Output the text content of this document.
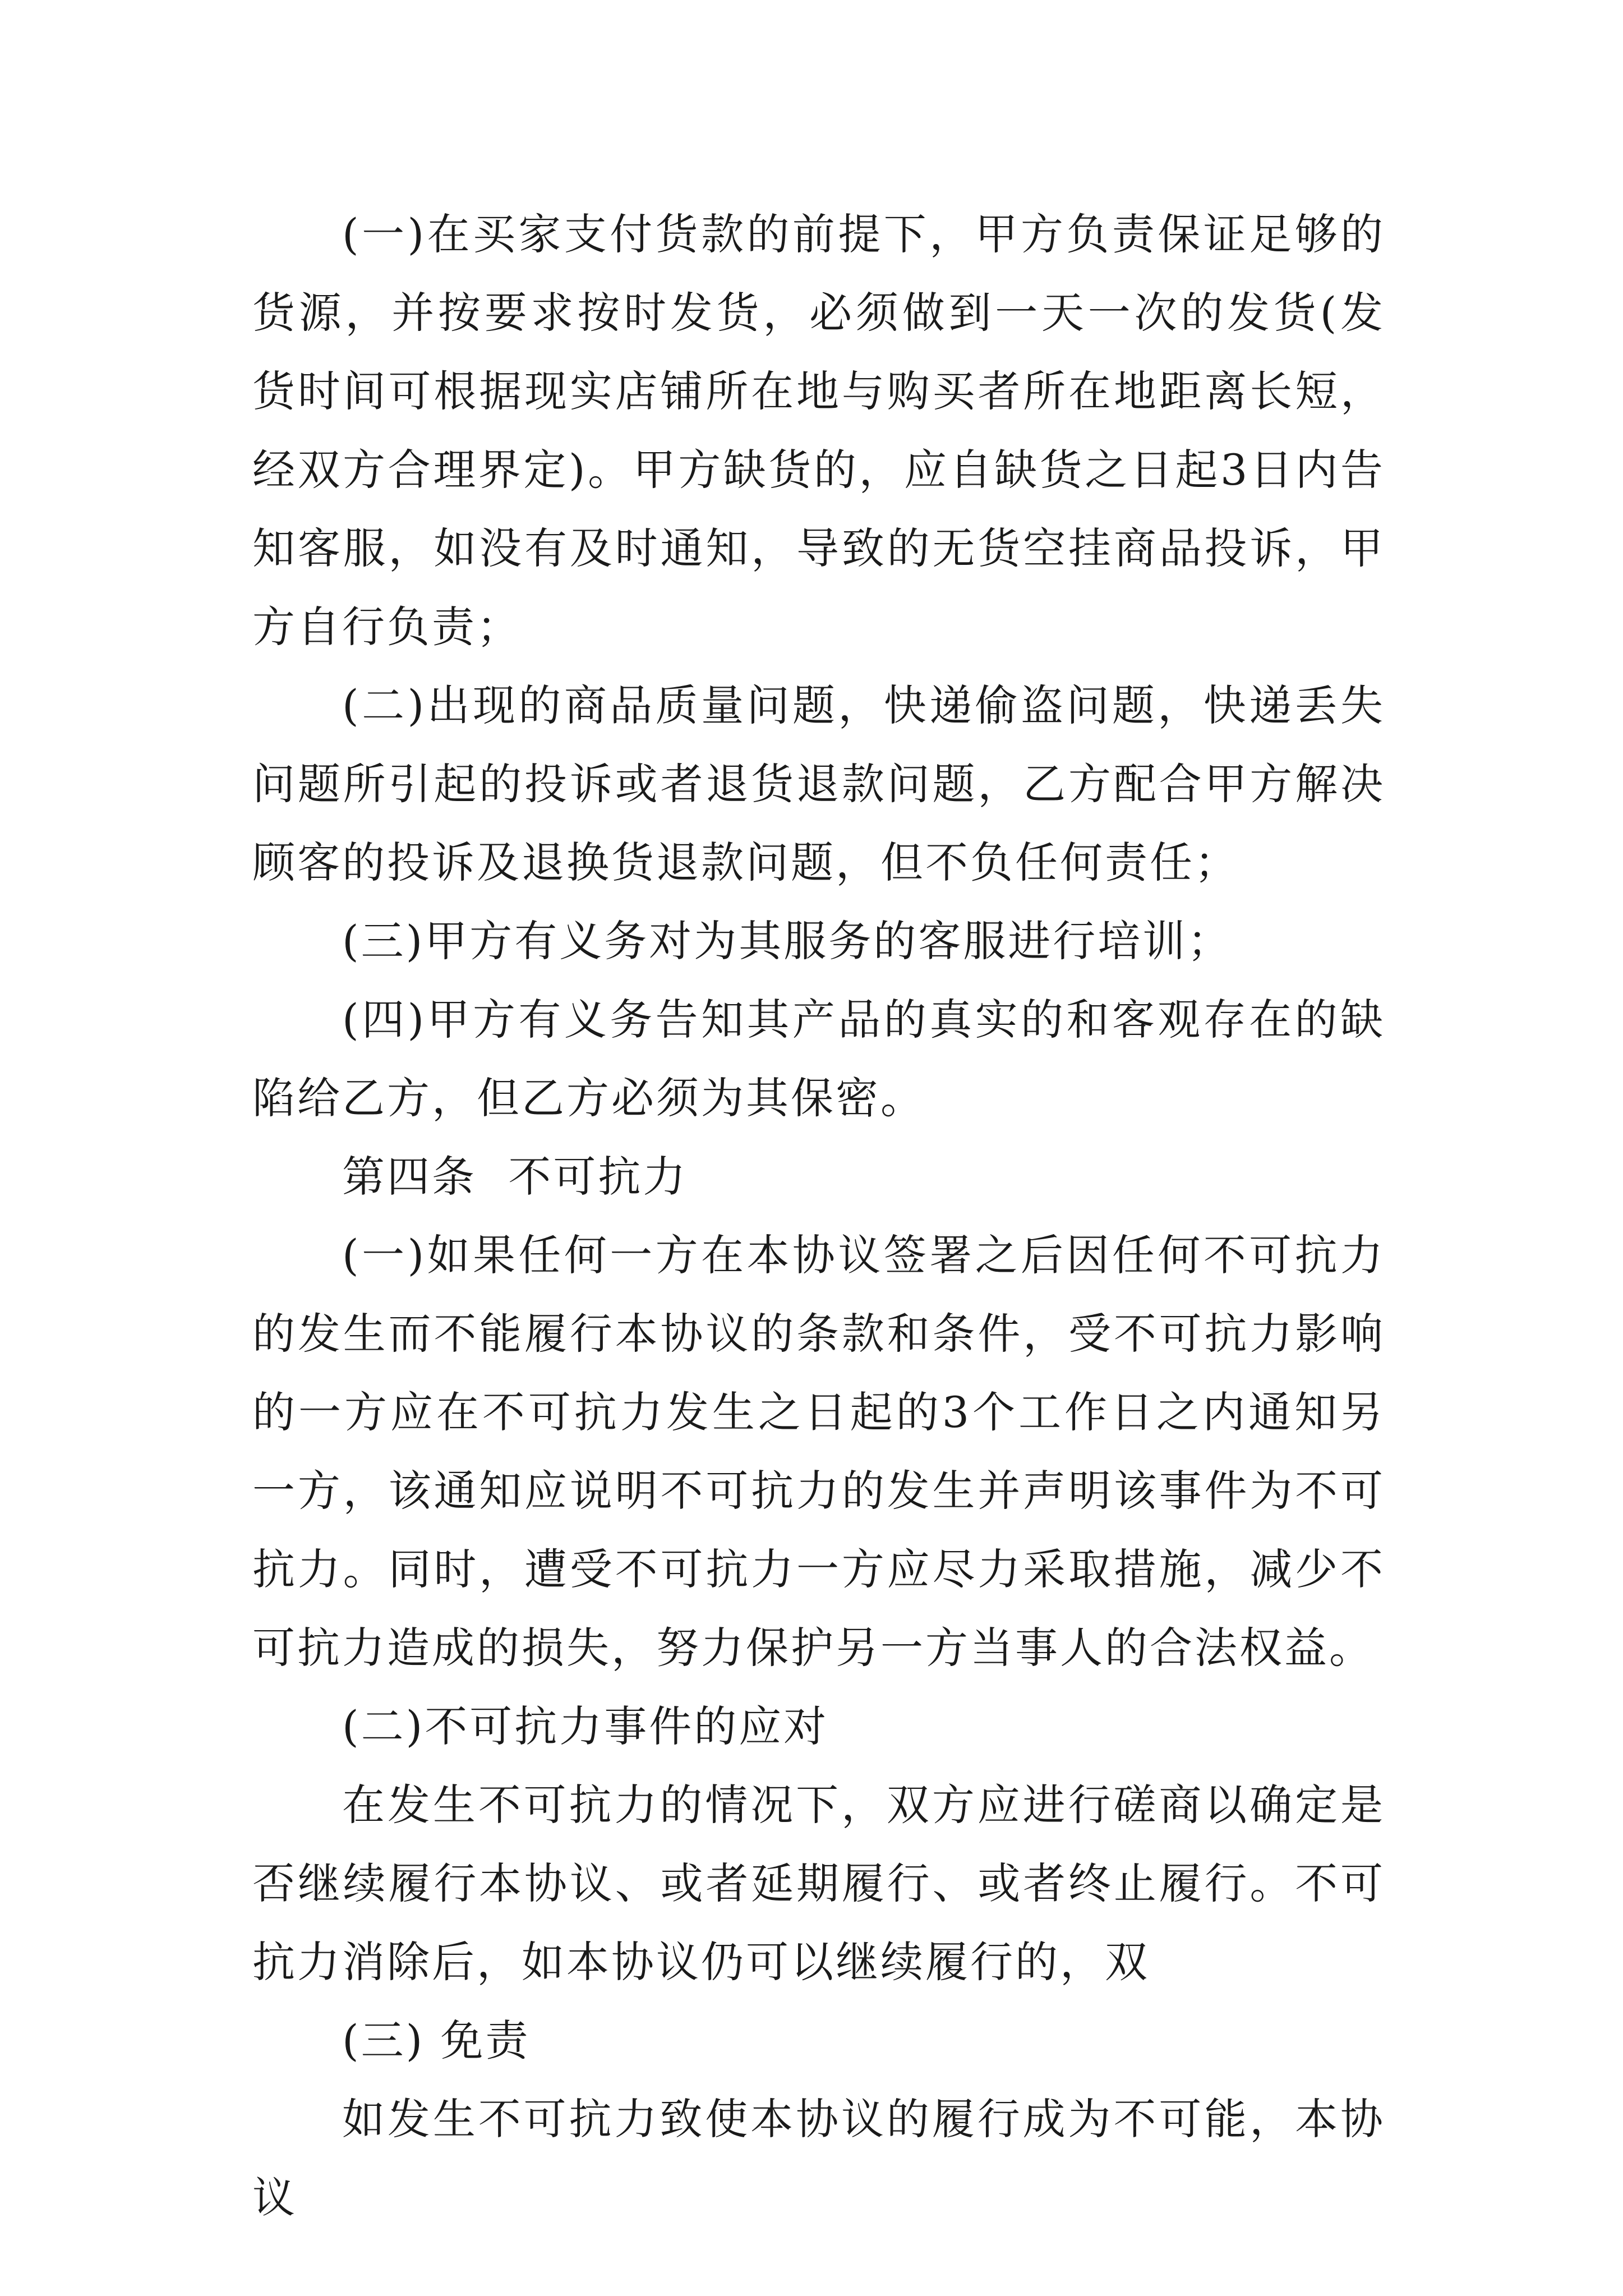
(一)在买家支付货款的前提下，甲方负责保证足够的货源，并按要求按时发货，必须做到一天一次的发货(发货时间可根据现实店铺所在地与购买者所在地距离长短，经双方合理界定)。甲方缺货的，应自缺货之日起3日内告知客服，如没有及时通知，导致的无货空挂商品投诉，甲方自行负责；

(二)出现的商品质量问题，快递偷盗问题，快递丢失问题所引起的投诉或者退货退款问题，乙方配合甲方解决顾客的投诉及退换货退款问题，但不负任何责任；

(三)甲方有义务对为其服务的客服进行培训；

(四)甲方有义务告知其产品的真实的和客观存在的缺陷给乙方，但乙方必须为其保密。

第四条  不可抗力

(一)如果任何一方在本协议签署之后因任何不可抗力的发生而不能履行本协议的条款和条件，受不可抗力影响的一方应在不可抗力发生之日起的3个工作日之内通知另一方，该通知应说明不可抗力的发生并声明该事件为不可抗力。同时，遭受不可抗力一方应尽力采取措施，减少不可抗力造成的损失，努力保护另一方当事人的合法权益。

(二)不可抗力事件的应对

在发生不可抗力的情况下，双方应进行磋商以确定是否继续履行本协议、或者延期履行、或者终止履行。不可抗力消除后，如本协议仍可以继续履行的，双

(三) 免责

如发生不可抗力致使本协议的履行成为不可能，本协议
